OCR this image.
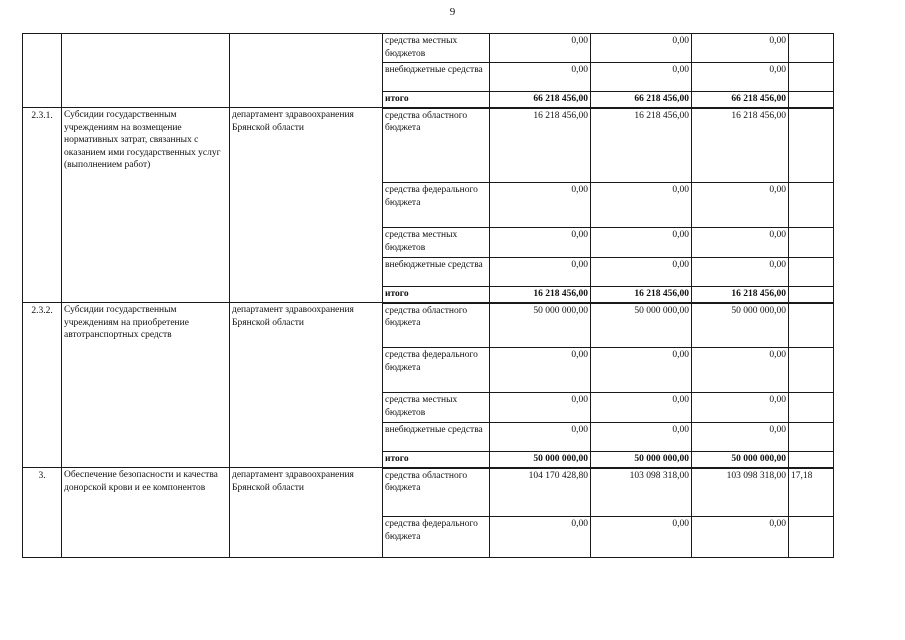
9
			средства местных бюджетов	0,00	0,00	0,00	
			внебюджетные средства	0,00	0,00	0,00	
			итого	66 218 456,00	66 218 456,00	66 218 456,00	
2.3.1.	Субсидии государственным учреждениям на возмещение нормативных затрат, связанных с оказанием ими государственных услуг (выполнением работ)	департамент здравоохранения Брянской области	средства областного бюджета	16 218 456,00	16 218 456,00	16 218 456,00	
			средства федерального бюджета	0,00	0,00	0,00	
			средства местных бюджетов	0,00	0,00	0,00	
			внебюджетные средства	0,00	0,00	0,00	
			итого	16 218 456,00	16 218 456,00	16 218 456,00	
2.3.2.	Субсидии государственным учреждениям на приобретение автотранспортных средств	департамент здравоохранения Брянской области	средства областного бюджета	50 000 000,00	50 000 000,00	50 000 000,00	
			средства федерального бюджета	0,00	0,00	0,00	
			средства местных бюджетов	0,00	0,00	0,00	
			внебюджетные средства	0,00	0,00	0,00	
			итого	50 000 000,00	50 000 000,00	50 000 000,00	
3.	Обеспечение безопасности и качества донорской крови и ее компонентов	департамент здравоохранения Брянской области	средства областного бюджета	104 170 428,80	103 098 318,00	103 098 318,00	17,18
			средства федерального бюджета	0,00	0,00	0,00	
